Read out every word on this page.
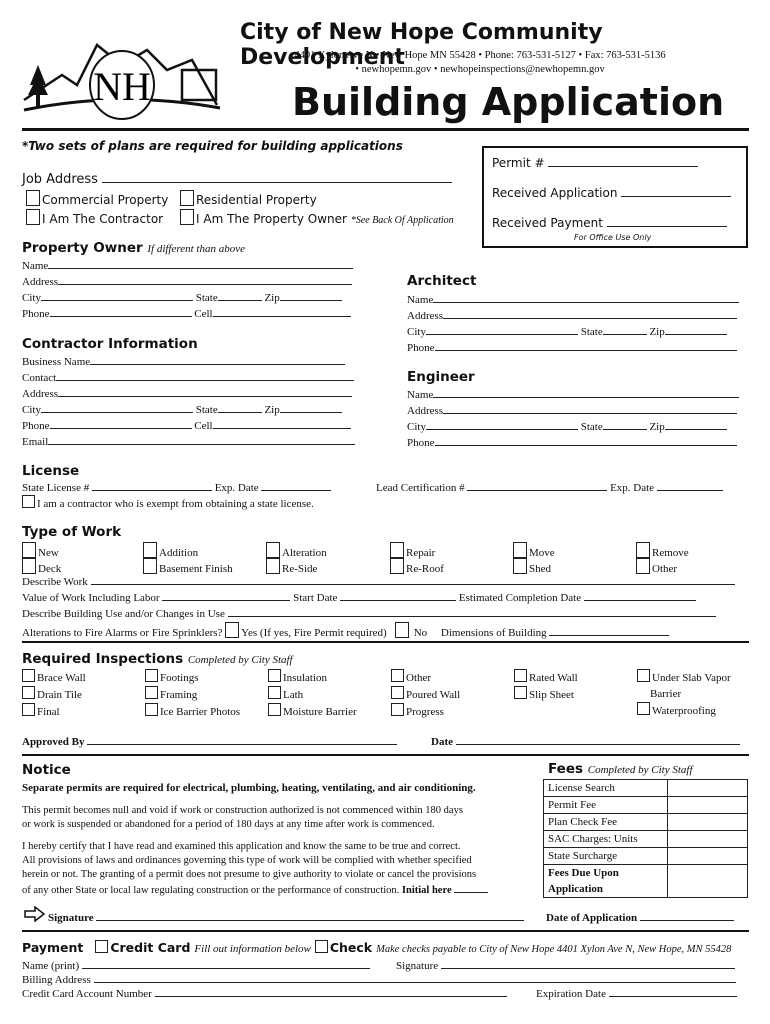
NH
City of New Hope Community Development
4401 Xylon Ave N • New Hope MN 55428 • Phone: 763-531-5127 • Fax: 763-531-5136
• newhopemn.gov • newhopeinspections@newhopemn.gov
Building Application
*Two sets of plans are required for building applications
Permit #
Received Application
Received Payment
For Office Use Only
Job Address
Commercial Property	Residential Property
I Am The Contractor	I Am The Property Owner *See Back Of Application
Property Owner If different than above
Name
Address
City	State	Zip
Phone	Cell
Contractor Information
Business Name
Contact
Address
City	State	Zip
Phone	Cell
Email
Architect
Name
Address
City	State	Zip
Phone
Engineer
Name
Address
City	State	Zip
Phone
License
State License #	Exp. Date	Lead Certification #	Exp. Date
I am a contractor who is exempt from obtaining a state license.
Type of Work
New	Addition	Alteration	Repair	Move	Remove
Deck	Basement Finish	Re-Side	Re-Roof	Shed	Other
Describe Work
Value of Work Including Labor	Start Date	Estimated Completion Date
Describe Building Use and/or Changes in Use
Alterations to Fire Alarms or Fire Sprinklers? Yes (If yes, Fire Permit required) No Dimensions of Building
Required Inspections Completed by City Staff
Brace Wall
Drain Tile
Final
Footings
Framing
Ice Barrier Photos
Insulation
Lath
Moisture Barrier
Other
Poured Wall
Progress
Rated Wall
Slip Sheet
Under Slab Vapor
Barrier
Waterproofing
Approved By	Date
Notice
Separate permits are required for electrical, plumbing, heating, ventilating, and air conditioning.
This permit becomes null and void if work or construction authorized is not commenced within 180 days
or work is suspended or abandoned for a period of 180 days at any time after work is commenced.
I hereby certify that I have read and examined this application and know the same to be true and correct.
All provisions of laws and ordinances governing this type of work will be complied with whether specified
herein or not. The granting of a permit does not presume to give authority to violate or cancel the provisions
of any other State or local law regulating construction or the performance of construction. Initial here
Signature	Date of Application
Fees Completed by City Staff
License Search	
Permit Fee	
Plan Check Fee	
SAC Charges: Units	
State Surcharge	
Fees Due Upon	
Application	
Payment Credit Card Fill out information below Check Make checks payable to City of New Hope 4401 Xylon Ave N, New Hope, MN 55428
Name (print)	Signature
Billing Address
Credit Card Account Number	Expiration Date
